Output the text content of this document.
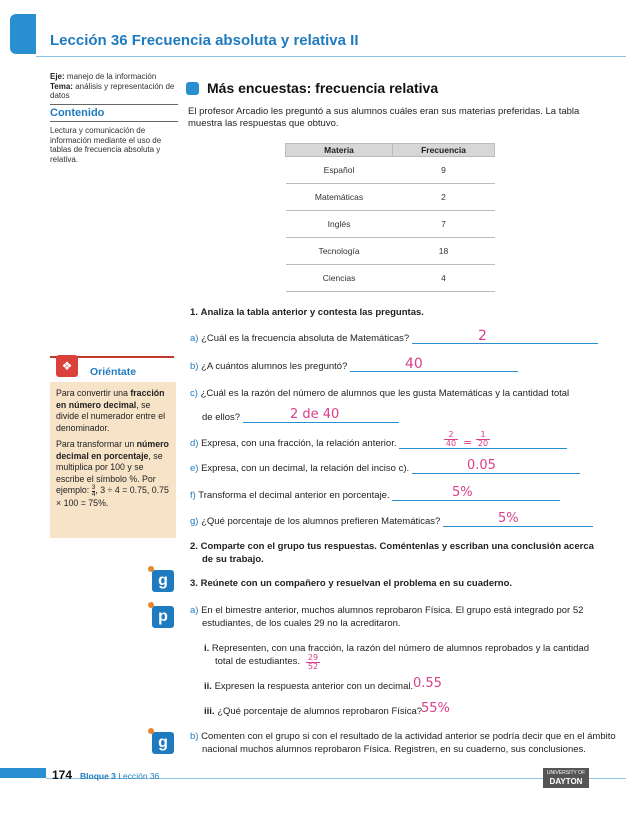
Lección 36 Frecuencia absoluta y relativa II
Eje: manejo de la información
Tema: análisis y representación de datos
Contenido
Lectura y comunicación de información mediante el uso de tablas de frecuencia absoluta y relativa.
Más encuestas: frecuencia relativa
El profesor Arcadio les preguntó a sus alumnos cuáles eran sus materias preferidas. La tabla muestra las respuestas que obtuvo.
Materia	Frecuencia
Español	9
Matemáticas	2
Inglés	7
Tecnología	18
Ciencias	4
1. Analiza la tabla anterior y contesta las preguntas.
a) ¿Cuál es la frecuencia absoluta de Matemáticas?	2
b) ¿A cuántos alumnos les preguntó?	40
c) ¿Cuál es la razón del número de alumnos que les gusta Matemáticas y la cantidad total
de ellos?	2 de 40
d) Expresa, con una fracción, la relación anterior.	$\frac{2}{40} = \frac{1}{20}$
e) Expresa, con un decimal, la relación del inciso c).	0.05
f) Transforma el decimal anterior en porcentaje.	5%
g) ¿Qué porcentaje de los alumnos prefieren Matemáticas?	5%
2. Comparte con el grupo tus respuestas. Coméntenlas y escriban una conclusión acerca
de su trabajo.
3. Reúnete con un compañero y resuelvan el problema en su cuaderno.
a) En el bimestre anterior, muchos alumnos reprobaron Física. El grupo está integrado por 52
estudiantes, de los cuales 29 no la acreditaron.
i. Representen, con una fracción, la razón del número de alumnos reprobados y la cantidad
total de estudiantes. $\frac{29}{52}$
ii. Expresen la respuesta anterior con un decimal. 0.55
iii. ¿Qué porcentaje de alumnos reprobaron Física?
55%
b) Comenten con el grupo si con el resultado de la actividad anterior se podría decir que en el ámbito
nacional muchos alumnos reprobaron Física. Registren, en su cuaderno, sus conclusiones.
❖	Oriéntate

Para convertir una fracción en número decimal, se divide el numerador entre el denominador.

Para transformar un número decimal en porcentaje, se multiplica por 100 y se escribe el símbolo %. Por ejemplo: $\frac{3}{4}$ , 3 ÷ 4 = 0.75, 0.75 × 100 = 75%.

g
p
g
174 Bloque 3 Lección 36	UNIVERSITY OF
DAYTON
